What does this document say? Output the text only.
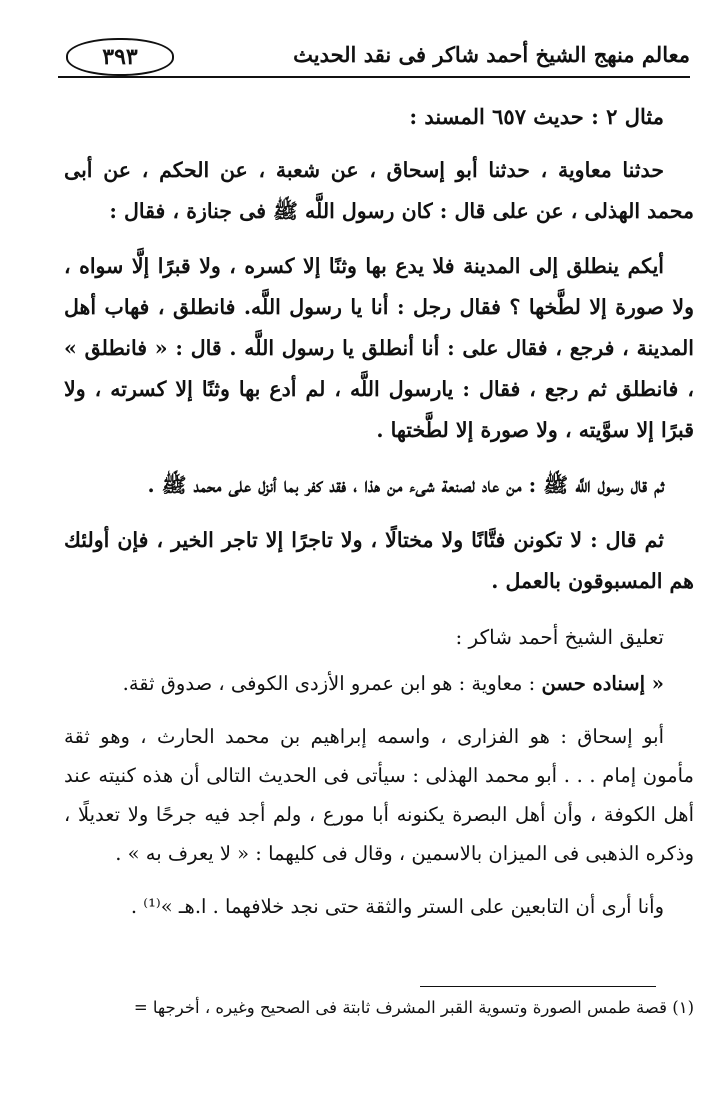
٣٩٣	معالم منهج الشيخ أحمد شاكر فى نقد الحديث
مثال ٢ : حديث ٦٥٧ المسند :

حدثنا معاوية ، حدثنا أبو إسحاق ، عن شعبة ، عن الحكم ، عن أبى محمد الهذلى ، عن على قال : كان رسول اللَّه ﷺ فى جنازة ، فقال :

أيكم ينطلق إلى المدينة فلا يدع بها وثنًا إلا كسره ، ولا قبرًا إلَّا سواه ، ولا صورة إلا لطَّخها ؟ فقال رجل : أنا يا رسول اللَّه. فانطلق ، فهاب أهل المدينة ، فرجع ، فقال على : أنا أنطلق يا رسول اللَّه . قال : « فانطلق » ، فانطلق ثم رجع ، فقال : يارسول اللَّه ، لم أدع بها وثنًا إلا كسرته ، ولا قبرًا إلا سوَّيته ، ولا صورة إلا لطَّختها .

ثم قال رسول اللَّه ﷺ : من عاد لصنعة شىء من هذا ، فقد كفر بما أنزل على محمد ﷺ .

ثم قال : لا تكونن فتَّانًا ولا مختالًا ، ولا تاجرًا إلا تاجر الخير ، فإن أولئك هم المسبوقون بالعمل .

تعليق الشيخ أحمد شاكر :

« إسناده حسن : معاوية : هو ابن عمرو الأزدى الكوفى ، صدوق ثقة.

أبو إسحاق : هو الفزارى ، واسمه إبراهيم بن محمد الحارث ، وهو ثقة مأمون إمام . . . أبو محمد الهذلى : سيأتى فى الحديث التالى أن هذه كنيته عند أهل الكوفة ، وأن أهل البصرة يكنونه أبا مورع ، ولم أجد فيه جرحًا ولا تعديلًا ، وذكره الذهبى فى الميزان بالاسمين ، وقال فى كليهما : « لا يعرف به » .

وأنا أرى أن التابعين على الستر والثقة حتى نجد خلافهما . ا.هـ »⁽¹⁾ .

(١) قصة طمس الصورة وتسوية القبر المشرف ثابتة فى الصحيح وغيره ، أخرجها =
